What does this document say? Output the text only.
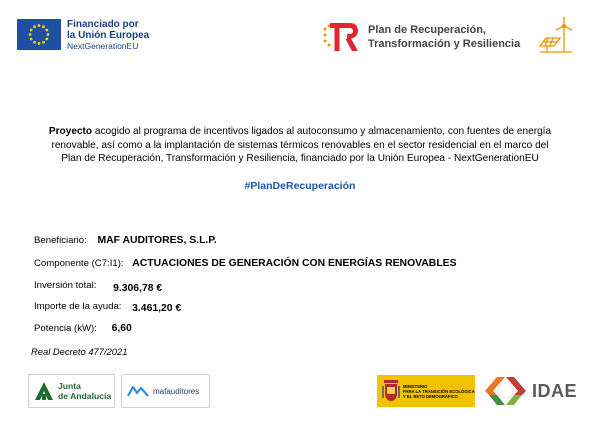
Financiado por
la Unión Europea
NextGenerationEU
Plan de Recuperación,
Transformación y Resiliencia
Proyecto acogido al programa de incentivos ligados al autoconsumo y almacenamiento, con fuentes de energía
renovable, así como a la implantación de sistemas térmicos renovables en el sector residencial en el marco del
Plan de Recuperación, Transformación y Resiliencia, financiado por la Unión Europea - NextGenerationEU
#PlanDeRecuperación
Beneficiario: MAF AUDITORES, S.L.P.
Componente (C7:I1): ACTUACIONES DE GENERACIÓN CON ENERGÍAS RENOVABLES
Inversión total: 9.306,78 €
Importe de la ayuda: 3.461,20 €
Potencia (kW): 6,60
Real Decreto 477/2021
Junta
de Andalucía	mafauditores
MINISTERIO
PARA LA TRANSICIÓN ECOLÓGICA
Y EL RETO DEMOGRÁFICO	IDAE
